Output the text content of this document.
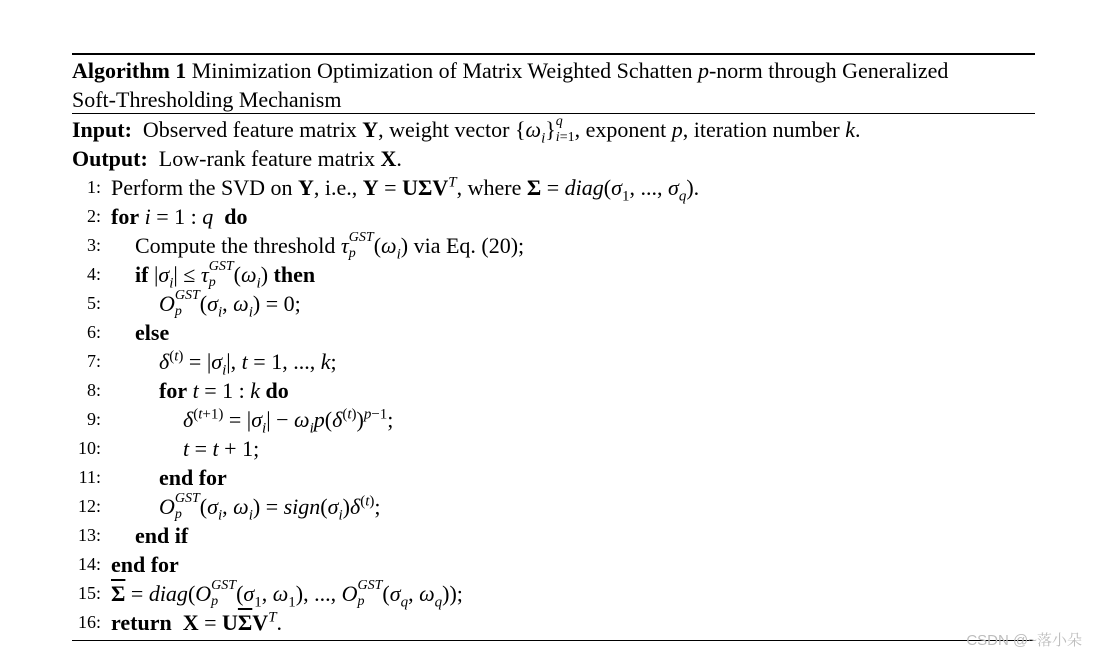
Algorithm 1 Minimization Optimization of Matrix Weighted Schatten p-norm through Generalized
Soft-Thresholding Mechanism
Input:  Observed feature matrix Y, weight vector $\{\omega_i\}$ q
i=1 , exponent p, iteration number k.
Output:  Low-rank feature matrix X.
1: Perform the SVD on Y, i.e., $Y = U\Sigma V^T$, where $\Sigma = diag(\sigma_1$, ..., $\sigma_q$).
2: for i = 1 : q do
3: Compute the threshold τ GST
p $(\omega_i)$ via Eq. (20);
4: if $|\sigma_i| \le \tau$ GST
p $(\omega_i)$ then
5:	O GST
p ($\sigma_i$, $\omega_i) = 0$;
6: else
7:	$\delta^{(t)} = |\sigma_i|$, t = 1, ..., k;
8:	for t = 1 : k do
9:	$\delta^{(t+1)} = |\sigma_i| - \omega_ip(\delta^{(t)})^{p-1}$;
10:	t = t + 1;
11:	end for
12:	O GST
p ($\sigma_i$, $\omega_i$) = $sign(\sigma_i)\delta^{(t)}$;
13: end if
14: end for
15: $\overline{\Sigma}$ = diag(O GST
p ($\sigma_1$, $\omega_1$), ..., O GST
p ($\sigma_q$, $\omega_q$));
16: return $X = U\overline{\Sigma}V^T$.
CSDN @~落小朵
